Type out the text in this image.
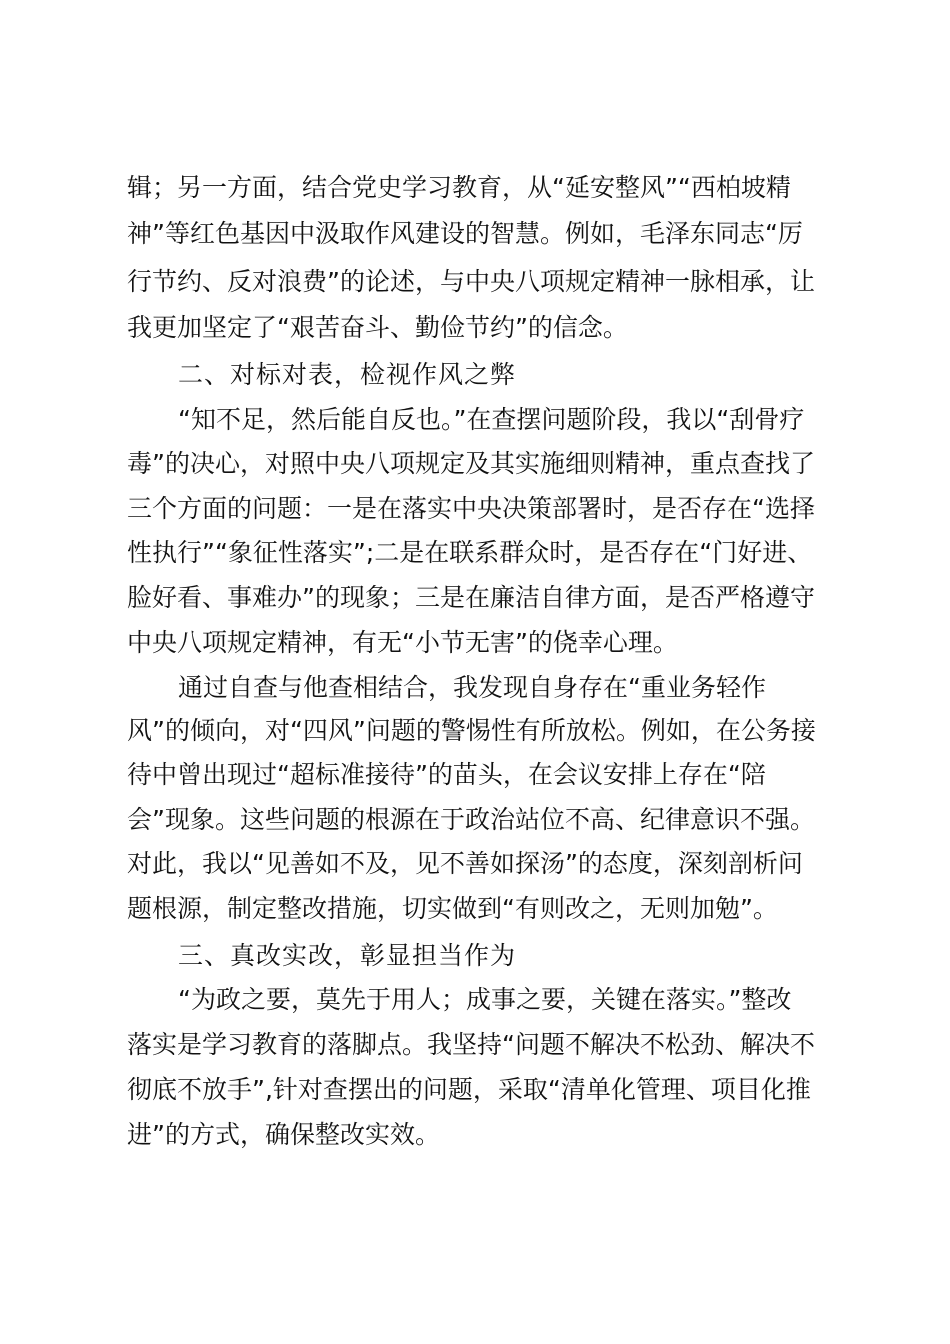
辑；另一方面，结合党史学习教育，从“延安整风”“西柏坡精
神”等红色基因中汲取作风建设的智慧。例如，毛泽东同志“厉
行节约、反对浪费”的论述，与中央八项规定精神一脉相承，让
我更加坚定了“艰苦奋斗、勤俭节约”的信念。
二、对标对表，检视作风之弊
“知不足，然后能自反也。”在查摆问题阶段，我以“刮骨疗
毒”的决心，对照中央八项规定及其实施细则精神，重点查找了
三个方面的问题：一是在落实中央决策部署时，是否存在“选择
性执行”“象征性落实”;二是在联系群众时，是否存在“门好进、
脸好看、事难办”的现象；三是在廉洁自律方面，是否严格遵守
中央八项规定精神，有无“小节无害”的侥幸心理。
通过自查与他查相结合，我发现自身存在“重业务轻作
风”的倾向，对“四风”问题的警惕性有所放松。例如，在公务接
待中曾出现过“超标准接待”的苗头，在会议安排上存在“陪
会”现象。这些问题的根源在于政治站位不高、纪律意识不强。
对此，我以“见善如不及，见不善如探汤”的态度，深刻剖析问
题根源，制定整改措施，切实做到“有则改之，无则加勉”。
三、真改实改，彰显担当作为
“为政之要，莫先于用人；成事之要，关键在落实。”整改
落实是学习教育的落脚点。我坚持“问题不解决不松劲、解决不
彻底不放手”,针对查摆出的问题，采取“清单化管理、项目化推
进”的方式，确保整改实效。
